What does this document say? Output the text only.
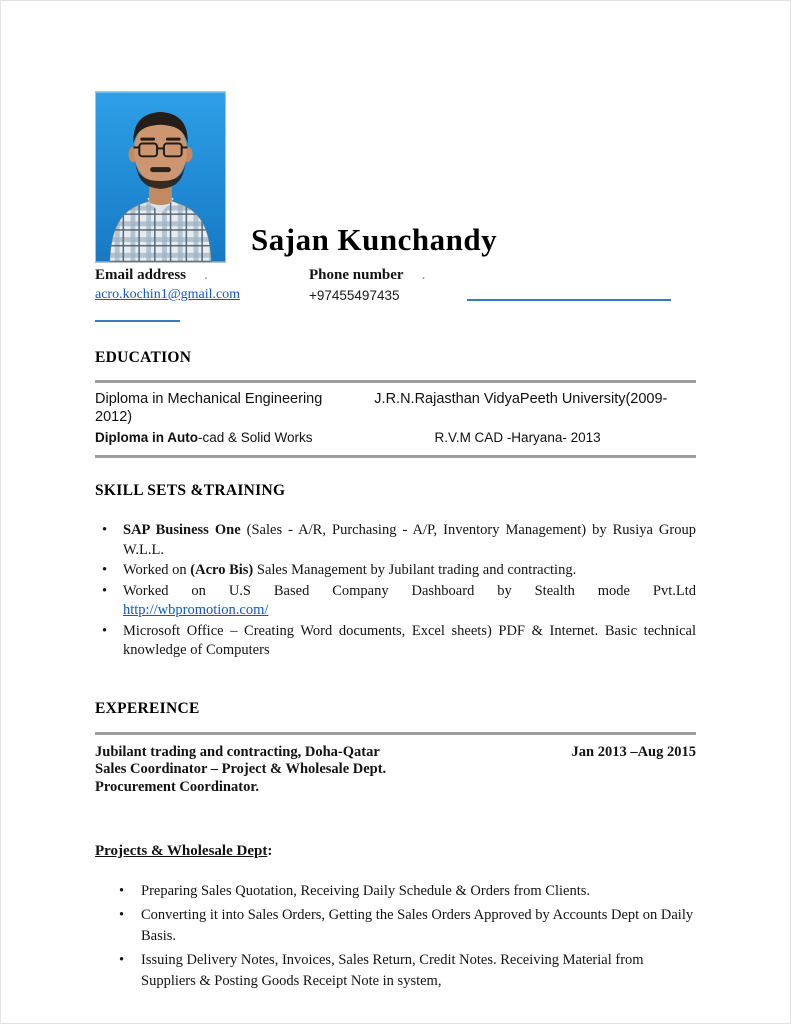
Sajan Kunchandy
Email address .	Phone number .
acro.kochin1@gmail.com	+97455497435
EDUCATION

Diploma in Mechanical Engineering	J.R.N.Rajasthan VidyaPeeth University(2009-2012)

Diploma in Auto-cad & Solid Works	R.V.M CAD -Haryana- 2013

SKILL SETS &TRAINING
• SAP Business One (Sales - A/R, Purchasing - A/P, Inventory Management) by Rusiya Group W.L.L.
• Worked on (Acro Bis) Sales Management by Jubilant trading and contracting.
• Worked on U.S Based Company Dashboard by Stealth mode Pvt.Ltd
http://wbpromotion.com/
• Microsoft Office – Creating Word documents, Excel sheets) PDF & Internet. Basic technical knowledge of Computers
EXPEREINCE
Jubilant trading and contracting, Doha-Qatar	Jan 2013 –Aug 2015
Sales Coordinator – Project & Wholesale Dept.
Procurement Coordinator.
Projects & Wholesale Dept:
• Preparing Sales Quotation, Receiving Daily Schedule & Orders from Clients.
• Converting it into Sales Orders, Getting the Sales Orders Approved by Accounts Dept on Daily Basis.
• Issuing Delivery Notes, Invoices, Sales Return, Credit Notes. Receiving Material from Suppliers & Posting Goods Receipt Note in system,
